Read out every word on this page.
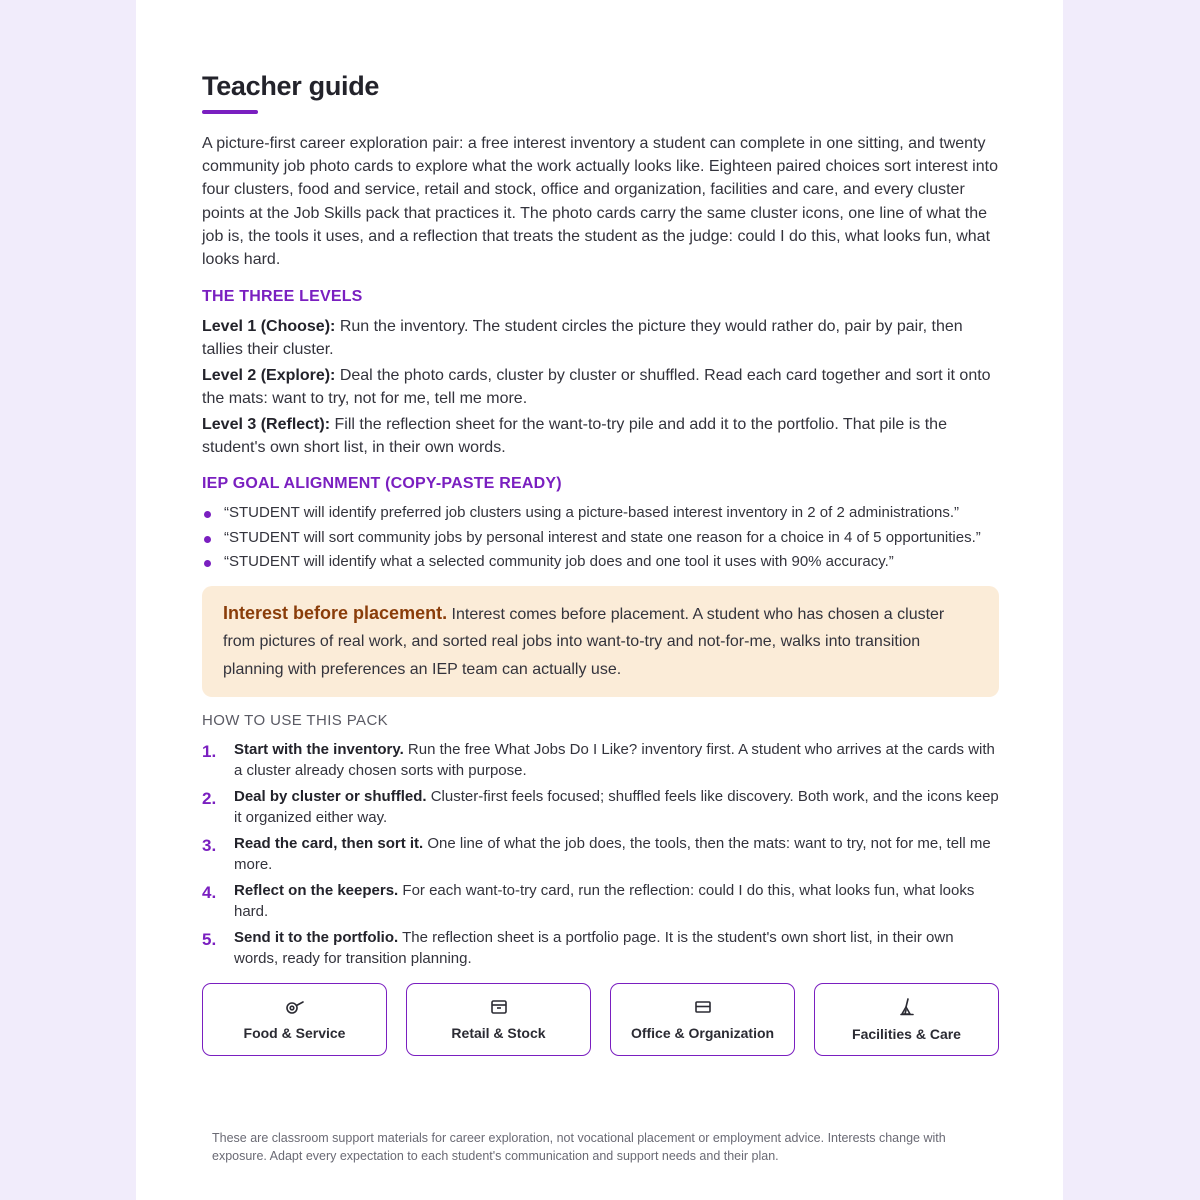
Teacher guide

A picture-first career exploration pair: a free interest inventory a student can complete in one sitting, and twenty community job photo cards to explore what the work actually looks like. Eighteen paired choices sort interest into four clusters, food and service, retail and stock, office and organization, facilities and care, and every cluster points at the Job Skills pack that practices it. The photo cards carry the same cluster icons, one line of what the job is, the tools it uses, and a reflection that treats the student as the judge: could I do this, what looks fun, what looks hard.

THE THREE LEVELS

Level 1 (Choose): Run the inventory. The student circles the picture they would rather do, pair by pair, then tallies their cluster.

Level 2 (Explore): Deal the photo cards, cluster by cluster or shuffled. Read each card together and sort it onto the mats: want to try, not for me, tell me more.

Level 3 (Reflect): Fill the reflection sheet for the want-to-try pile and add it to the portfolio. That pile is the student's own short list, in their own words.

IEP GOAL ALIGNMENT (COPY-PASTE READY)
“STUDENT will identify preferred job clusters using a picture-based interest inventory in 2 of 2 administrations.”
“STUDENT will sort community jobs by personal interest and state one reason for a choice in 4 of 5 opportunities.”
“STUDENT will identify what a selected community job does and one tool it uses with 90% accuracy.”
Interest before placement. Interest comes before placement. A student who has chosen a cluster from pictures of real work, and sorted real jobs into want-to-try and not-for-me, walks into transition planning with preferences an IEP team can actually use.
HOW TO USE THIS PACK
1. Start with the inventory. Run the free What Jobs Do I Like? inventory first. A student who arrives at the cards with a cluster already chosen sorts with purpose.
2. Deal by cluster or shuffled. Cluster-first feels focused; shuffled feels like discovery. Both work, and the icons keep it organized either way.
3. Read the card, then sort it. One line of what the job does, the tools, then the mats: want to try, not for me, tell me more.
4. Reflect on the keepers. For each want-to-try card, run the reflection: could I do this, what looks fun, what looks hard.
5. Send it to the portfolio. The reflection sheet is a portfolio page. It is the student's own short list, in their own words, ready for transition planning.
Food & Service	Retail & Stock	Office & Organization	Facilities & Care

These are classroom support materials for career exploration, not vocational placement or employment advice. Interests change with exposure. Adapt every expectation to each student's communication and support needs and their plan.
